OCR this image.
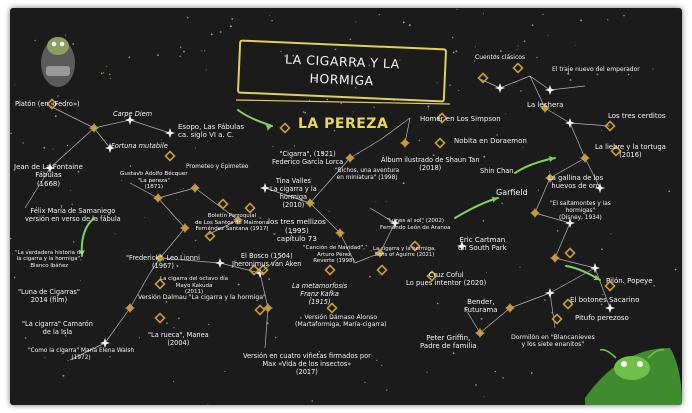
LA CIGARRA Y LA HORMIGA
LA PEREZA
Platón (en «Fedro»)
Carpe Diem
Fortuna mutabile
Esopo, Las Fábulas
ca. siglo VI a. C.
Jean de La Fontaine
Fábulas
(1668)
Félix María de Samaniego
versión en verso de la fábula
Gustavo Adolfo Bécquer
"La pereza"
(1871)
Prometeo y Epimeteo
"Cigarra", (1921)
Federico García Lorca
Tina Valles
La cigarra y la
hormiga
(2010)
Boletín Parroquial
de Los Santos de Maimona
Fernández Santana (1917)
los tres mellizos
(1995)
capítulo 73
"Frederick", Leo Lionni
(1967)
La cigarra del octavo día
Mayo Kakuda
(2011)
"La verdadera historia de
la cigarra y la hormiga",
Blanco Ibáñez
"Luna de Cigarras"
2014 (film)	Versión Dalmau "La cigarra y la hormiga"
"La cigarra" Camarón
de la Isla
"Como la cigarra" María Elena Walsh
(1972)
"La rueca", Manea
(2004)
El Bosco (1504)
Jheronimus van Aken
Versión en cuatro viñetas firmados por
Max «Vida de los insectos»
(2017)
La metamorfosis
Franz Kafka
(1915)
Versión Dámaso Alonso
(Martaformiga, María-cigarra)
"Canción de Navidad",
Arturo Pérez
Reverte (1998)
"Bichos, una aventura
en miniatura" (1998)
"Lunes al sol" (2002)
Fernando León de Aranoa
La cigarra y la hormiga.
Sons of Aguirre (2021)
Álbum ilustrado de Shaun Tan
(2018)
Homer en Los Simpson
Nobita en Doraemon
Shin Chan
Garfield
Eric Cartman
en South Park
Cruz Coful
Lo pues intentor (2020)
Cuentos clásicos
El traje nuevo del emperador
La lechera
Los tres cerditos
La liebre y la tortuga
(2016)
La gallina de los
huevos de oro
"El saltamontes y las
hormigas"
(Disney, 1934)
Pilón. Popeye
Bender,
Futurama
El botones Sacarino
Pitufo perezoso
Peter Griffin,
Padre de familia
Dormilón en "Blancanieves
y los siete enanitos"
